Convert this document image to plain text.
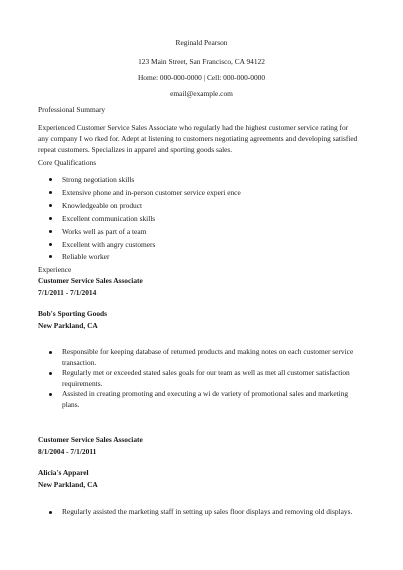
Reginald Pearson
123 Main Street, San Francisco, CA 94122
Home: 000-000-0000 | Cell: 000-000-0000
email@example.com
Professional Summary
Experienced Customer Service Sales Associate who regularly had the highest customer service rating for any company I wo rked for. Adept at listening to customers negotiating agreements and developing satisfied repeat customers. Specializes in apparel and sporting goods sales.
Core Qualifications
Strong negotiation skills
Extensive phone and in-person customer service experi ence
Knowledgeable on product
Excellent communication skills
Works well as part of a team
Excellent with angry customers
Reliable worker
Experience
Customer Service Sales Associate
7/1/2011 - 7/1/2014
Bob's Sporting Goods
New Parkland, CA
Responsible for keeping database of returned products and making notes on each customer service transaction.
Regularly met or exceeded stated sales goals for our team as well as met all customer satisfaction requirements.
Assisted in creating promoting and executing a wi de variety of promotional sales and marketing plans.
Customer Service Sales Associate
8/1/2004 - 7/1/2011
Alicia's Apparel
New Parkland, CA
Regularly assisted the marketing staff in setting up sales floor displays and removing old displays.
